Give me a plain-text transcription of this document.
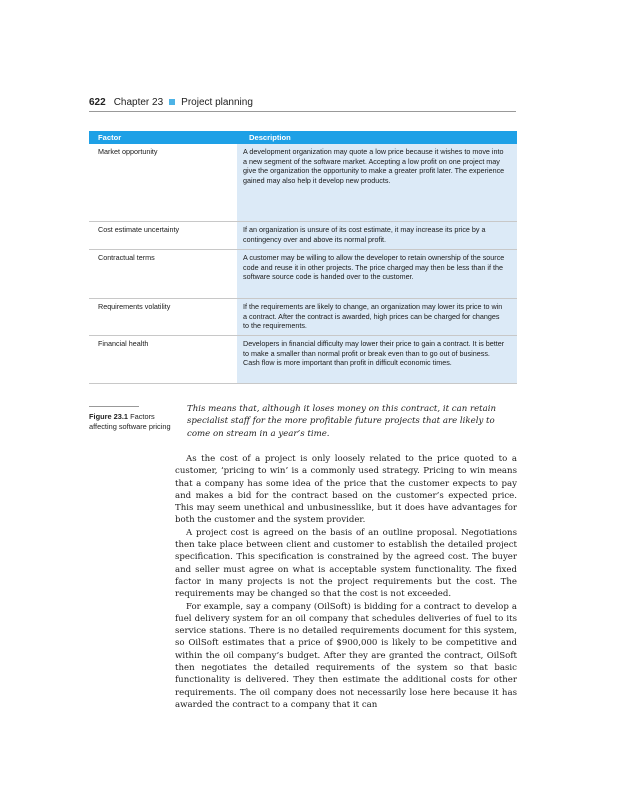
622 Chapter 23 Project planning
Factor	Description
Market opportunity	A development organization may quote a low price because it wishes to move into a new segment of the software market. Accepting a low profit on one project may give the organization the opportunity to make a greater profit later. The experience gained may also help it develop new products.
Cost estimate uncertainty	If an organization is unsure of its cost estimate, it may increase its price by a contingency over and above its normal profit.
Contractual terms	A customer may be willing to allow the developer to retain ownership of the source code and reuse it in other projects. The price charged may then be less than if the software source code is handed over to the customer.
Requirements volatility	If the requirements are likely to change, an organization may lower its price to win a contract. After the contract is awarded, high prices can be charged for changes to the requirements.
Financial health	Developers in financial difficulty may lower their price to gain a contract. It is better to make a smaller than normal profit or break even than to go out of business. Cash flow is more important than profit in difficult economic times.
Figure 23.1 Factors affecting software pricing
This means that, although it loses money on this contract, it can retain specialist staff for the more profitable future projects that are likely to come on stream in a year’s time.

As the cost of a project is only loosely related to the price quoted to a customer, ‘pricing to win’ is a commonly used strategy. Pricing to win means that a company has some idea of the price that the customer expects to pay and makes a bid for the contract based on the customer’s expected price. This may seem unethical and unbusinesslike, but it does have advantages for both the customer and the system provider.

A project cost is agreed on the basis of an outline proposal. Negotiations then take place between client and customer to establish the detailed project specification. This specification is constrained by the agreed cost. The buyer and seller must agree on what is acceptable system functionality. The fixed factor in many projects is not the project requirements but the cost. The requirements may be changed so that the cost is not exceeded.

For example, say a company (OilSoft) is bidding for a contract to develop a fuel delivery system for an oil company that schedules deliveries of fuel to its service stations. There is no detailed requirements document for this system, so OilSoft estimates that a price of $900,000 is likely to be competitive and within the oil company’s budget. After they are granted the contract, OilSoft then negotiates the detailed requirements of the system so that basic functionality is delivered. They then estimate the additional costs for other requirements. The oil company does not necessarily lose here because it has awarded the contract to a company that it can
